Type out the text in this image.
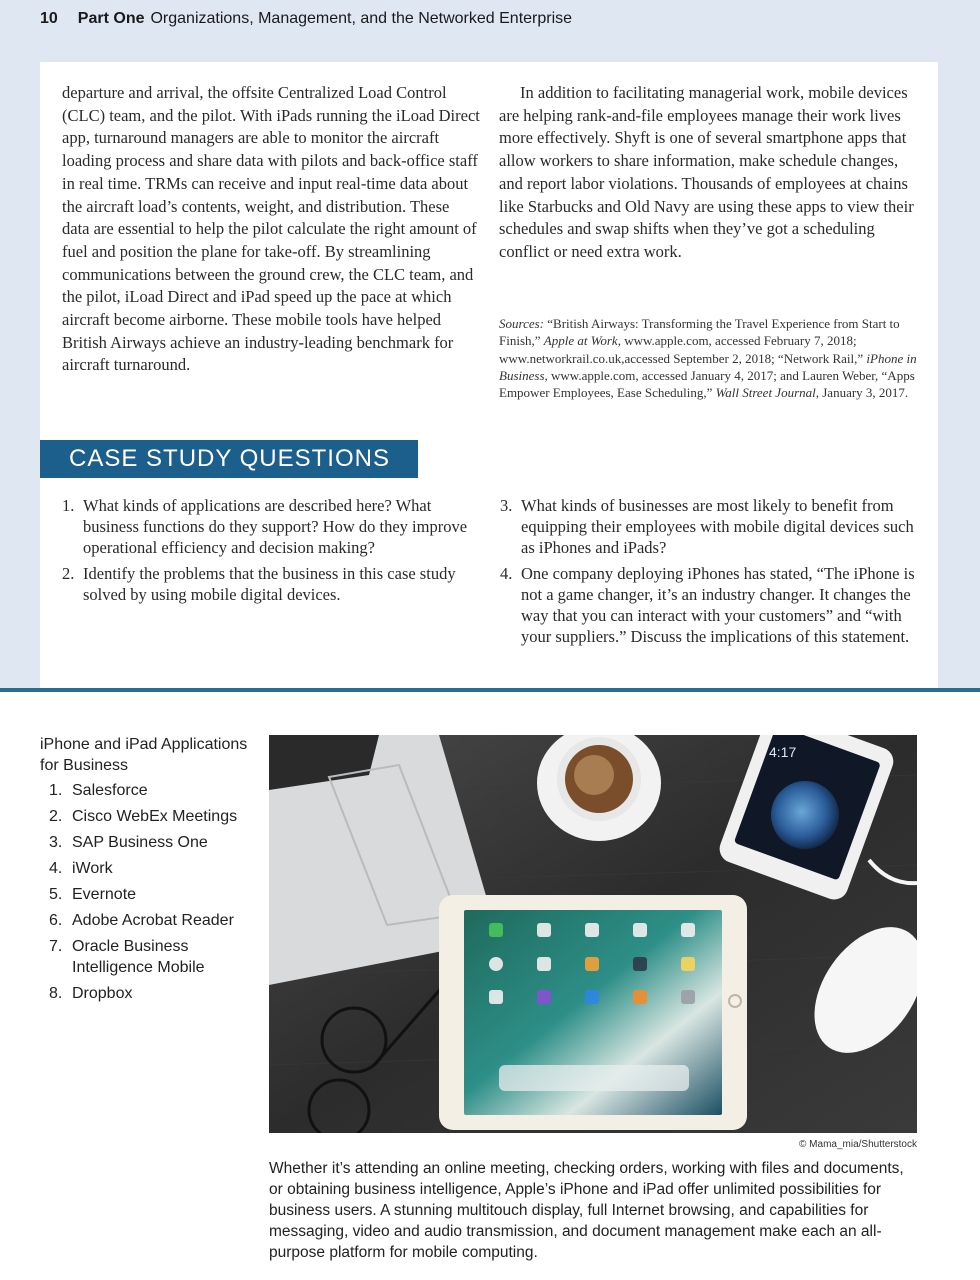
10 Part One Organizations, Management, and the Networked Enterprise

departure and arrival, the offsite Centralized Load Control (CLC) team, and the pilot. With iPads running the iLoad Direct app, turnaround managers are able to monitor the aircraft loading process and share data with pilots and back-office staff in real time. TRMs can receive and input real-time data about the aircraft load’s contents, weight, and distribution. These data are essential to help the pilot calculate the right amount of fuel and position the plane for take-off. By streamlining communications between the ground crew, the CLC team, and the pilot, iLoad Direct and iPad speed up the pace at which aircraft become airborne. These mobile tools have helped British Airways achieve an industry-leading benchmark for aircraft turnaround.

In addition to facilitating managerial work, mobile devices are helping rank-and-file employees manage their work lives more effectively. Shyft is one of several smartphone apps that allow workers to share information, make schedule changes, and report labor violations. Thousands of employees at chains like Starbucks and Old Navy are using these apps to view their schedules and swap shifts when they’ve got a scheduling conflict or need extra work.

Sources: “British Airways: Transforming the Travel Experience from Start to Finish,” Apple at Work, www.apple.com, accessed February 7, 2018; www.networkrail.co.uk,accessed September 2, 2018; “Network Rail,” iPhone in Business, www.apple.com, accessed January 4, 2017; and Lauren Weber, “Apps Empower Employees, Ease Scheduling,” Wall Street Journal, January 3, 2017.
CASE STUDY QUESTIONS
1. What kinds of applications are described here? What business functions do they support? How do they improve operational efficiency and decision making?
2. Identify the problems that the business in this case study solved by using mobile digital devices.
3. What kinds of businesses are most likely to benefit from equipping their employees with mobile digital devices such as iPhones and iPads?
4. One company deploying iPhones has stated, “The iPhone is not a game changer, it’s an industry changer. It changes the way that you can interact with your customers” and “with your suppliers.” Discuss the implications of this statement.
iPhone and iPad Applications for Business
1. Salesforce
2. Cisco WebEx Meetings
3. SAP Business One
4. iWork
5. Evernote
6. Adobe Acrobat Reader
7. Oracle Business Intelligence Mobile
8. Dropbox
4:17
© Mama_mia/Shutterstock
Whether it’s attending an online meeting, checking orders, working with files and documents, or obtaining business intelligence, Apple’s iPhone and iPad offer unlimited possibilities for business users. A stunning multitouch display, full Internet browsing, and capabilities for messaging, video and audio transmission, and document management make each an all-purpose platform for mobile computing.
